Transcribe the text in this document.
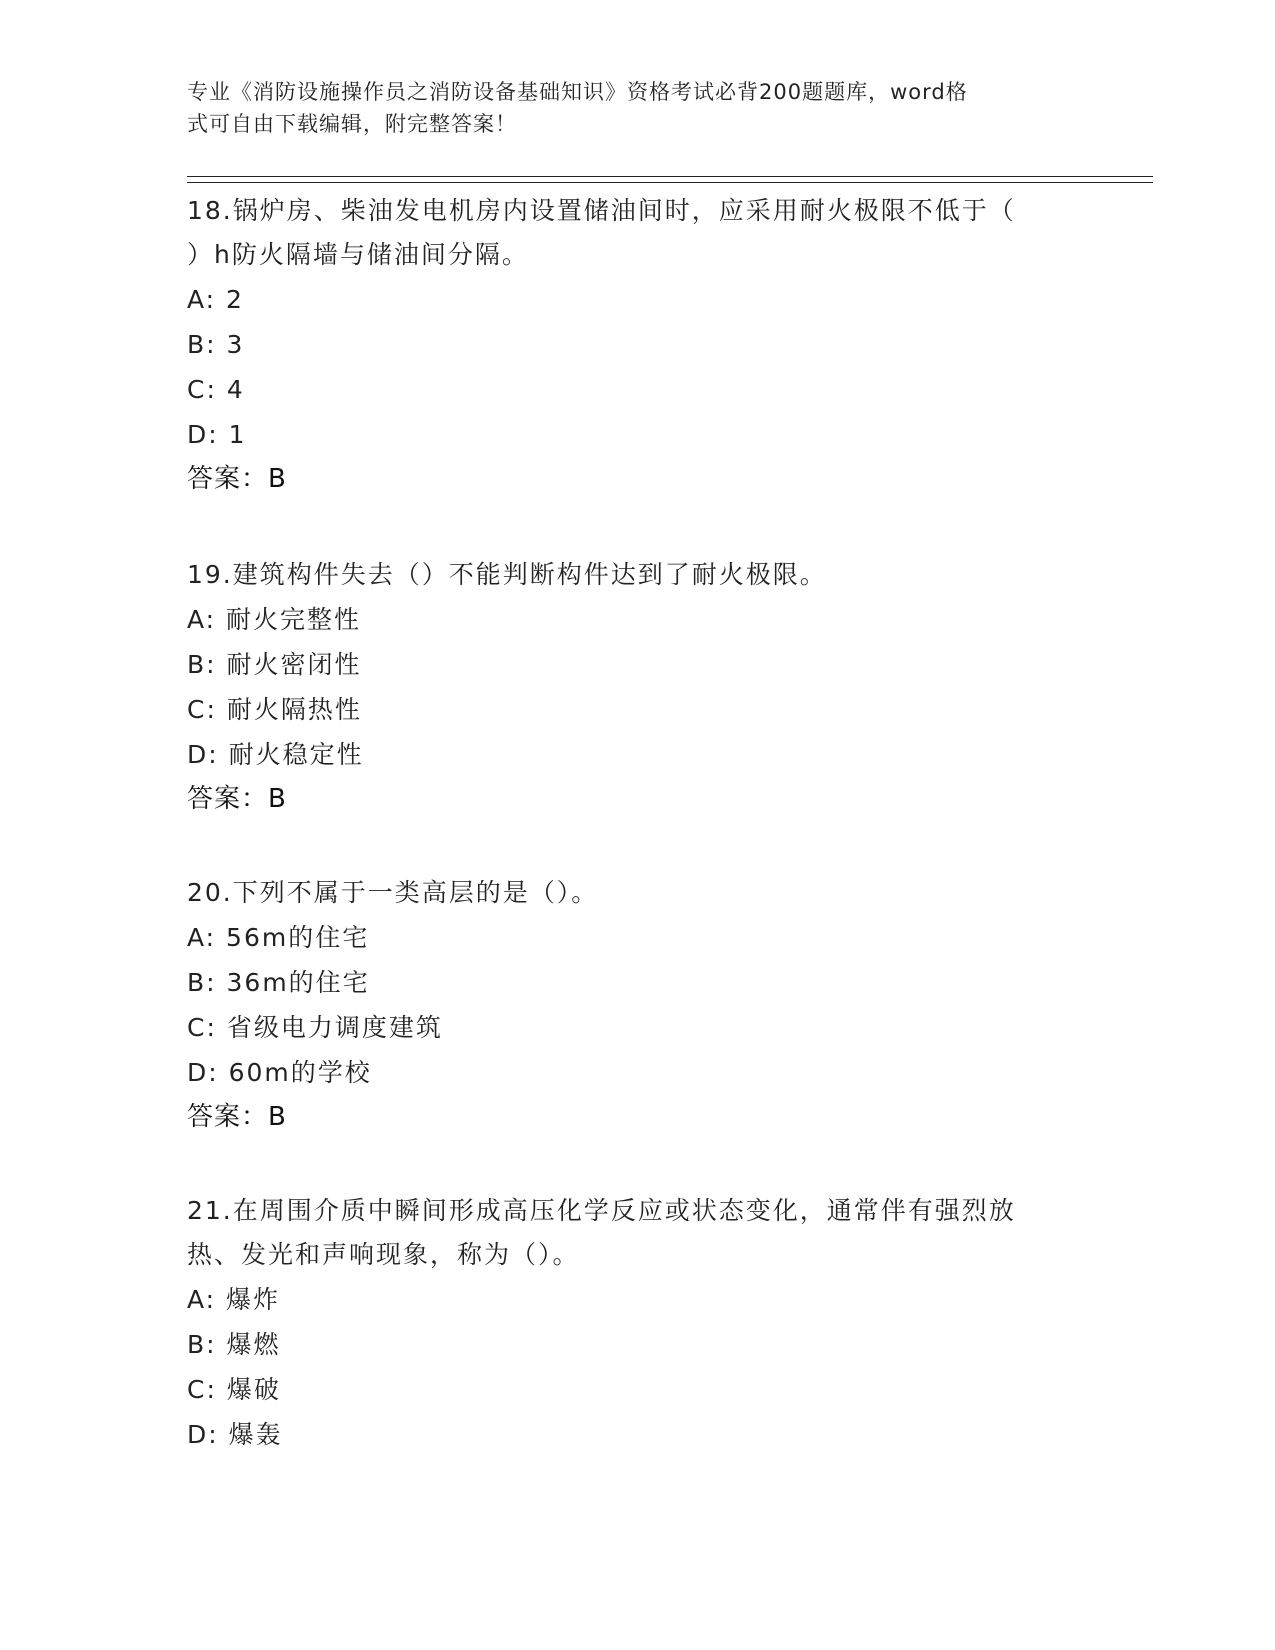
专业《消防设施操作员之消防设备基础知识》资格考试必背200题题库，word格
式可自由下载编辑，附完整答案！
18.锅炉房、柴油发电机房内设置储油间时，应采用耐火极限不低于（
）h防火隔墙与储油间分隔。
A: 2
B: 3
C: 4
D: 1
答案：B
19.建筑构件失去（）不能判断构件达到了耐火极限。
A: 耐火完整性
B: 耐火密闭性
C: 耐火隔热性
D: 耐火稳定性
答案：B
20.下列不属于一类高层的是（）。
A: 56m的住宅
B: 36m的住宅
C: 省级电力调度建筑
D: 60m的学校
答案：B
21.在周围介质中瞬间形成高压化学反应或状态变化，通常伴有强烈放
热、发光和声响现象，称为（）。
A: 爆炸
B: 爆燃
C: 爆破
D: 爆轰
